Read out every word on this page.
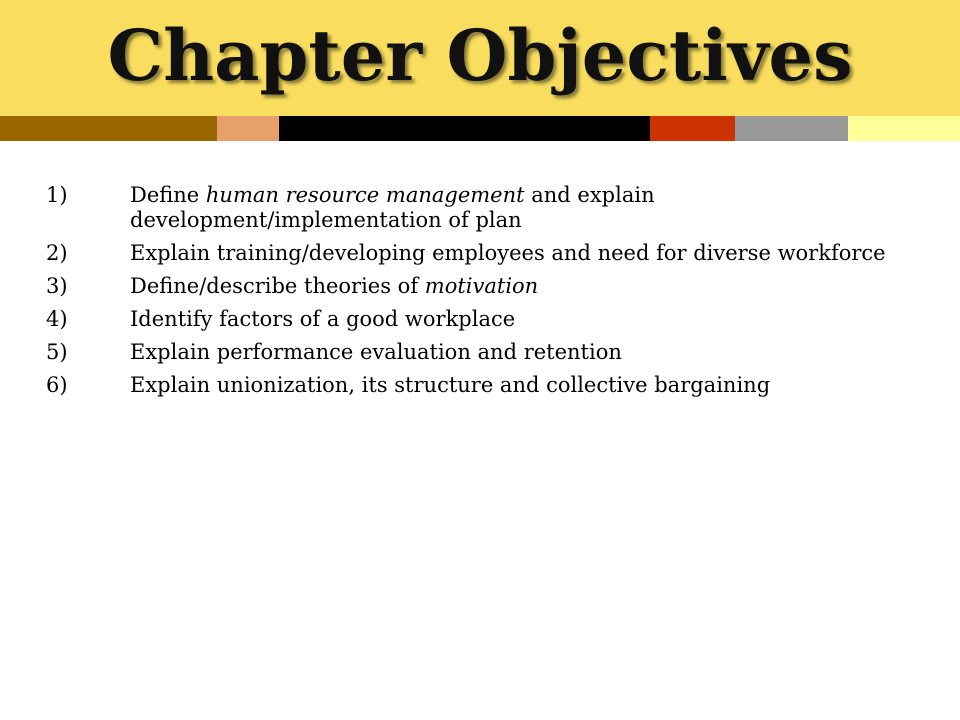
Chapter Objectives
1)	Define human resource management and explain development/implementation of plan
2)	Explain training/developing employees and need for diverse workforce
3)	Define/describe theories of motivation
4)	Identify factors of a good workplace
5)	Explain performance evaluation and retention
6)	Explain unionization, its structure and collective bargaining
